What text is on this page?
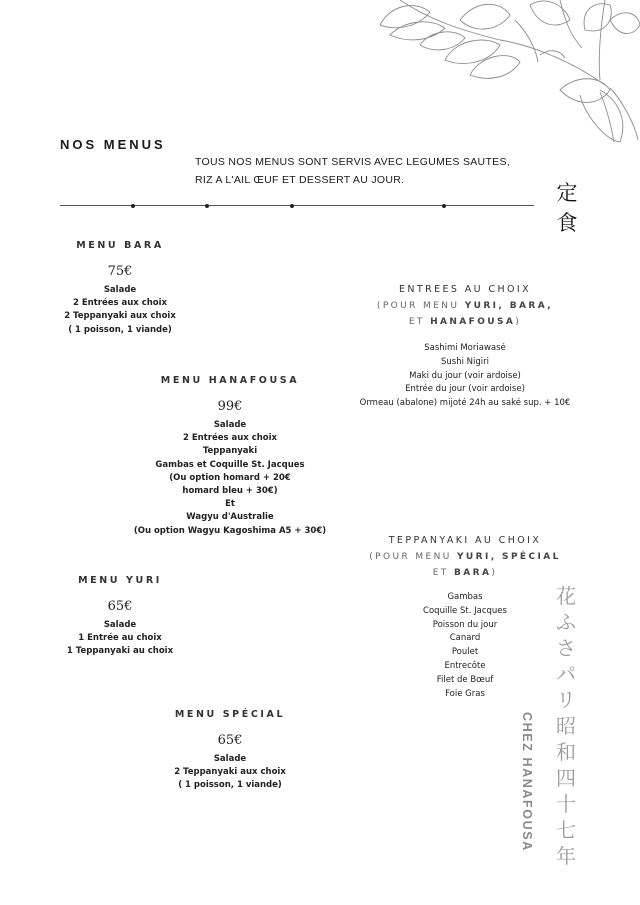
NOS MENUS
TOUS NOS MENUS SONT SERVIS AVEC LEGUMES SAUTES,
RIZ A L'AIL ŒUF ET DESSERT AU JOUR.
定
食
MENU BARA
75€
Salade
2 Entrées aux choix
2 Teppanyaki aux choix
( 1 poisson, 1 viande)
MENU HANAFOUSA
99€
Salade
2 Entrées aux choix
Teppanyaki
Gambas et Coquille St. Jacques
(Ou option homard + 20€
homard bleu + 30€)
Et
Wagyu d'Australie
(Ou option Wagyu Kagoshima A5 + 30€)
MENU YURI
65€
Salade
1 Entrée au choix
1 Teppanyaki au choix
MENU SPÉCIAL
65€
Salade
2 Teppanyaki aux choix
( 1 poisson, 1 viande)
ENTREES AU CHOIX
(POUR MENU YURI, BARA,
ET HANAFOUSA)
Sashimi Moriawasé
Sushi Nigiri
Maki du jour (voir ardoise)
Entrée du jour (voir ardoise)
Ormeau (abalone) mijoté 24h au saké sup. + 10€
TEPPANYAKI AU CHOIX
(POUR MENU YURI, SPÉCIAL
ET BARA)
Gambas
Coquille St. Jacques
Poisson du jour
Canard
Poulet
Entrecôte
Filet de Bœuf
Foie Gras
花
ふ
さ
パ
リ
昭
和
四
十
七
年
CHEZ HANAFOUSA
